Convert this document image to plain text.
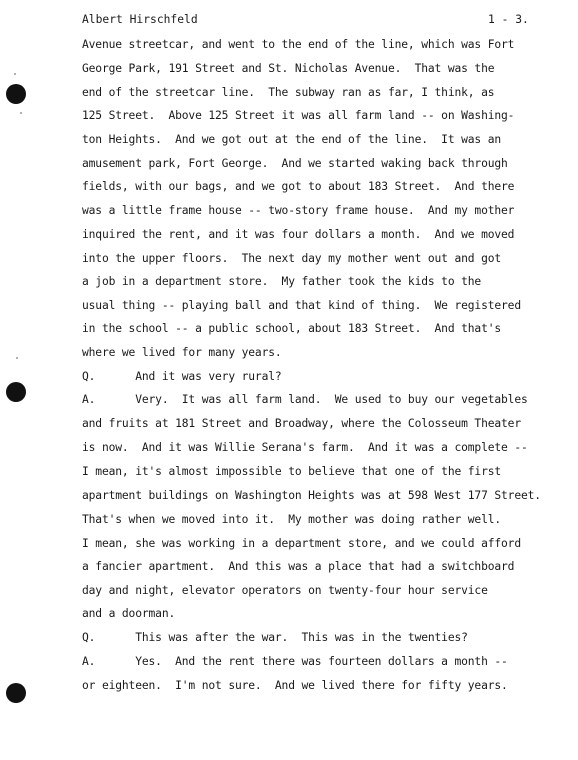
Albert Hirschfeld	1 - 3.
Avenue streetcar, and went to the end of the line, which was Fort
George Park, 191 Street and St. Nicholas Avenue.  That was the
end of the streetcar line.  The subway ran as far, I think, as
125 Street.  Above 125 Street it was all farm land -- on Washing-
ton Heights.  And we got out at the end of the line.  It was an
amusement park, Fort George.  And we started waking back through
fields, with our bags, and we got to about 183 Street.  And there
was a little frame house -- two-story frame house.  And my mother
inquired the rent, and it was four dollars a month.  And we moved
into the upper floors.  The next day my mother went out and got
a job in a department store.  My father took the kids to the
usual thing -- playing ball and that kind of thing.  We registered
in the school -- a public school, about 183 Street.  And that's
where we lived for many years.
Q.      And it was very rural?
A.      Very.  It was all farm land.  We used to buy our vegetables
and fruits at 181 Street and Broadway, where the Colosseum Theater
is now.  And it was Willie Serana's farm.  And it was a complete --
I mean, it's almost impossible to believe that one of the first
apartment buildings on Washington Heights was at 598 West 177 Street.
That's when we moved into it.  My mother was doing rather well.
I mean, she was working in a department store, and we could afford
a fancier apartment.  And this was a place that had a switchboard
day and night, elevator operators on twenty-four hour service
and a doorman.
Q.      This was after the war.  This was in the twenties?
A.      Yes.  And the rent there was fourteen dollars a month --
or eighteen.  I'm not sure.  And we lived there for fifty years.
